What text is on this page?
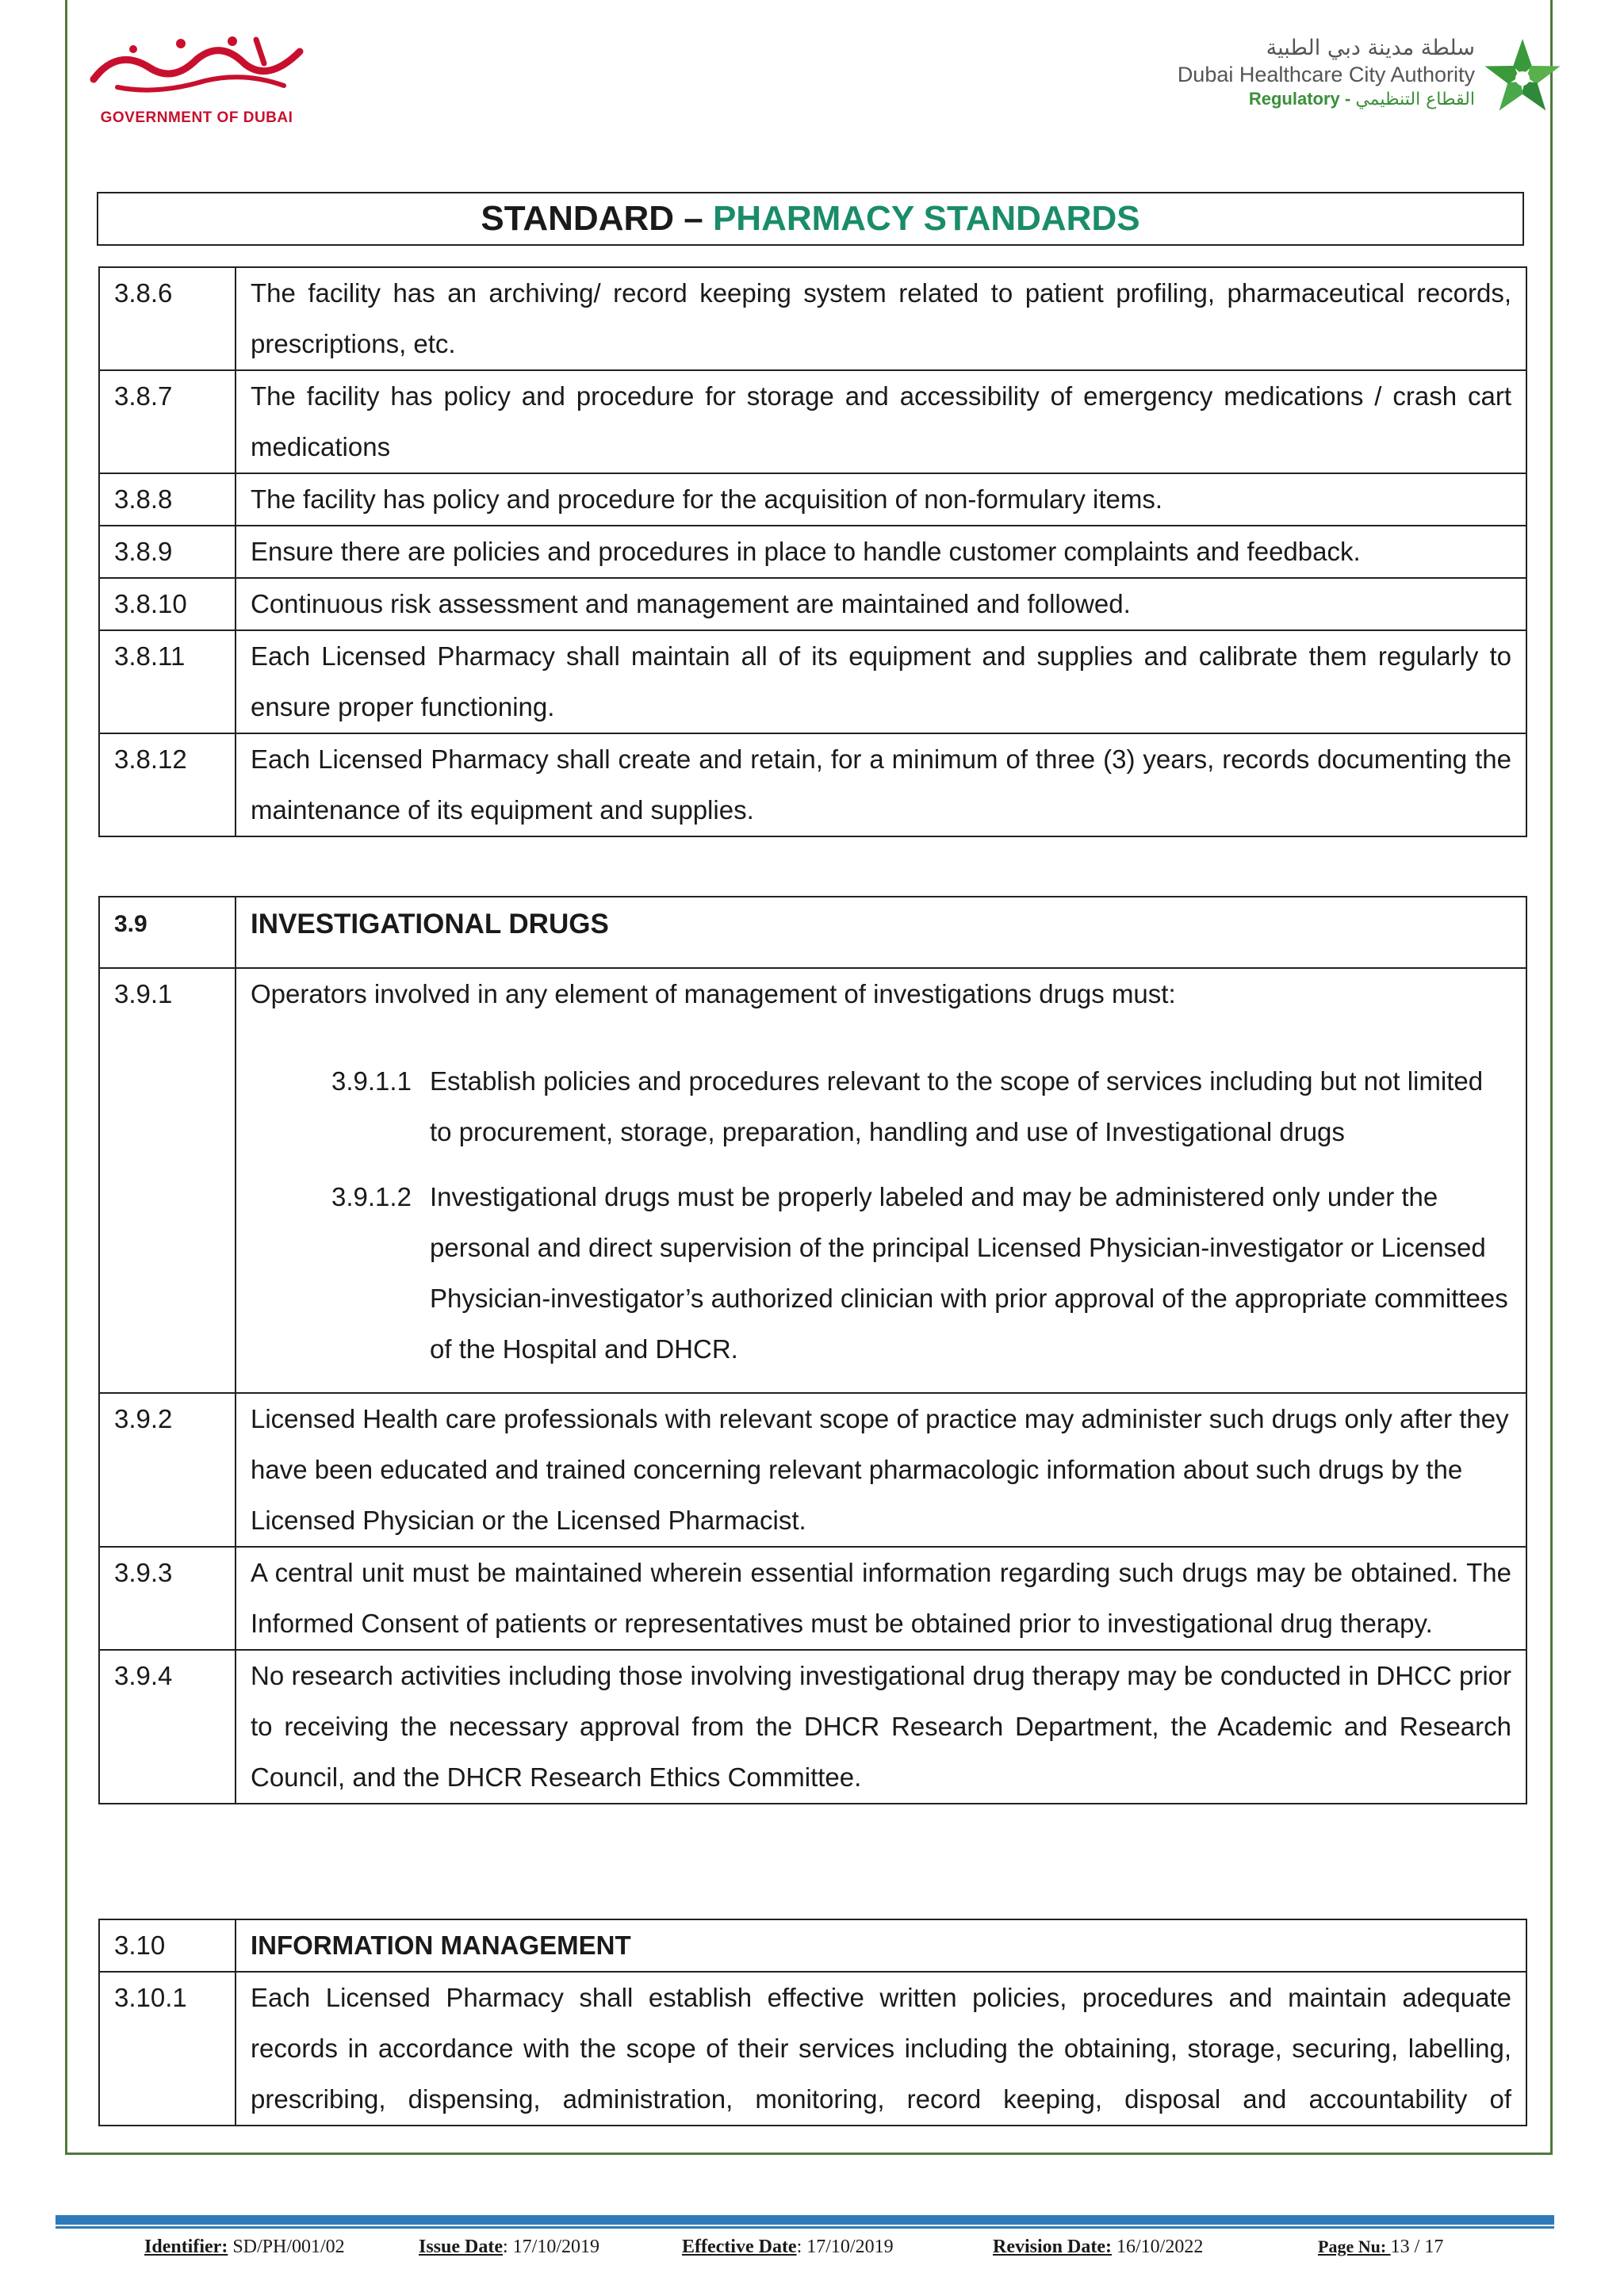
GOVERNMENT OF DUBAI
سلطة مدينة دبي الطبية
Dubai Healthcare City Authority
Regulatory - القطاع التنظيمي
STANDARD – PHARMACY STANDARDS
3.8.6	The facility has an archiving/ record keeping system related to patient profiling, pharmaceutical records, prescriptions, etc.
3.8.7	The facility has policy and procedure for storage and accessibility of emergency medications / crash cart medications
3.8.8	The facility has policy and procedure for the acquisition of non-formulary items.
3.8.9	Ensure there are policies and procedures in place to handle customer complaints and feedback.
3.8.10	Continuous risk assessment and management are maintained and followed.
3.8.11	Each Licensed Pharmacy shall maintain all of its equipment and supplies and calibrate them regularly to ensure proper functioning.
3.8.12	Each Licensed Pharmacy shall create and retain, for a minimum of three (3) years, records documenting the maintenance of its equipment and supplies.
3.9	INVESTIGATIONAL DRUGS
3.9.1	Operators involved in any element of management of investigations drugs must:
3.9.1.1 Establish policies and procedures relevant to the scope of services including but not limited to procurement, storage, preparation, handling and use of Investigational drugs
3.9.1.2 Investigational drugs must be properly labeled and may be administered only under the personal and direct supervision of the principal Licensed Physician-investigator or Licensed Physician-investigator’s authorized clinician with prior approval of the appropriate committees of the Hospital and DHCR.

3.9.2	Licensed Health care professionals with relevant scope of practice may administer such drugs only after they have been educated and trained concerning relevant pharmacologic information about such drugs by the Licensed Physician or the Licensed Pharmacist.
3.9.3	A central unit must be maintained wherein essential information regarding such drugs may be obtained. The Informed Consent of patients or representatives must be obtained prior to investigational drug therapy.
3.9.4	No research activities including those involving investigational drug therapy may be conducted in DHCC prior to receiving the necessary approval from the DHCR Research Department, the Academic and Research Council, and the DHCR Research Ethics Committee.
3.10	INFORMATION MANAGEMENT
3.10.1	Each Licensed Pharmacy shall establish effective written policies, procedures and maintain adequate records in accordance with the scope of their services including the obtaining, storage, securing, labelling, prescribing, dispensing, administration, monitoring, record keeping, disposal and accountability of
Identifier: SD/PH/001/02	Issue Date: 17/10/2019	Effective Date: 17/10/2019	Revision Date: 16/10/2022	Page Nu: 13 / 17
